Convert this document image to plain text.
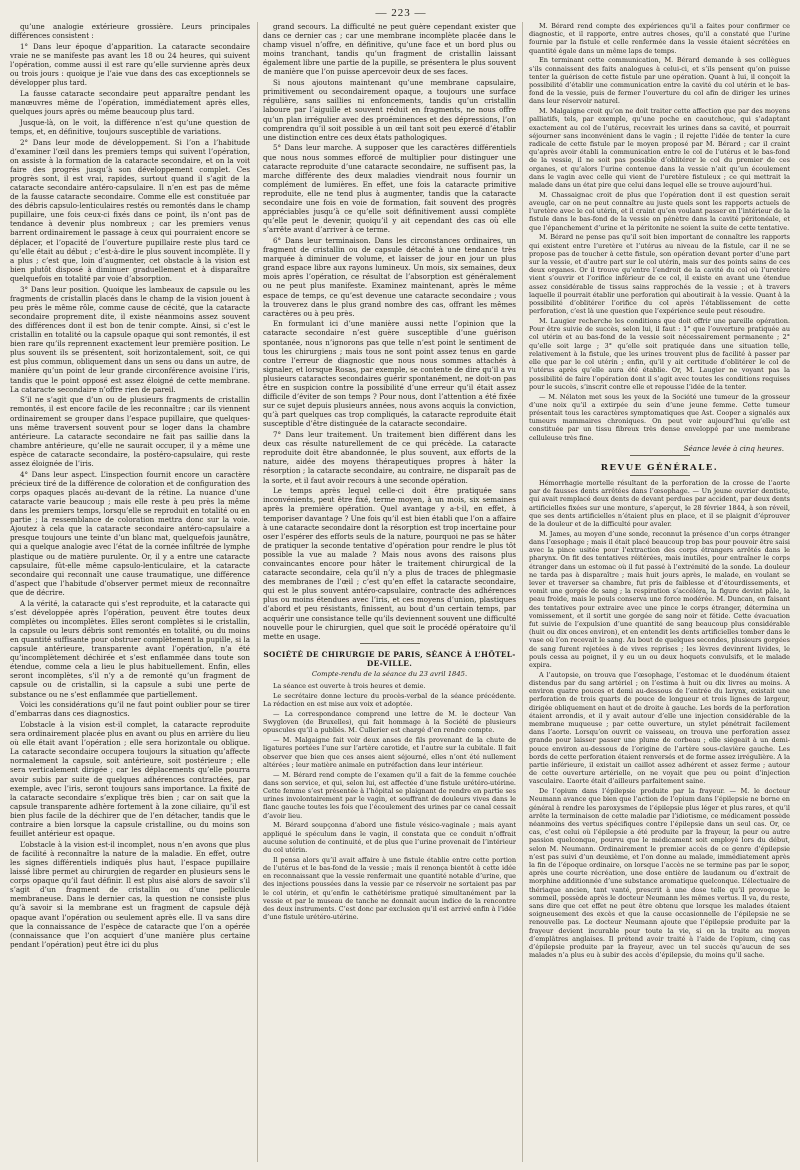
— 223 —

qu’une analogie extérieure grossière. Leurs principales différences consistent :

1° Dans leur époque d’apparition. La cataracte secondaire vraie ne se manifeste pas avant les 18 ou 24 heures, qui suivent l’opération, comme aussi il est rare qu’elle survienne après deux ou trois jours : quoique je l’aie vue dans des cas exceptionnels se développer plus tard.

La fausse cataracte secondaire peut apparaître pendant les manœuvres même de l’opération, immédiatement après elles, quelques jours après ou même beaucoup plus tard.

Jusque-là, on le voit, la différence n’est qu’une question de temps, et, en définitive, toujours susceptible de variations.

2° Dans leur mode de développement. Si l’on a l’habitude d’examiner l’œil dans les premiers temps qui suivent l’opération, on assiste à la formation de la cataracte secondaire, et on la voit faire des progrès jusqu’à son développement complet. Ces progrès sont, il est vrai, rapides, surtout quand il s’agit de la cataracte secondaire antéro-capsulaire. Il n’en est pas de même de la fausse cataracte secondaire. Comme elle est constituée par des débris capsulo-lenticulaires restés ou remontés dans le champ pupillaire, une fois ceux-ci fixés dans ce point, ils n’ont pas de tendance à devenir plus nombreux ; car les premiers venus barrent ordinairement le passage à ceux qui pourraient encore se déplacer, et l’opacité de l’ouverture pupillaire reste plus tard ce qu’elle était au début ; c’est-à-dire le plus souvent incomplète. Il y a plus ; c’est que, loin d’augmenter, cet obstacle à la vision est bien plutôt disposé à diminuer graduellement et à disparaître quelquefois en totalité par voie d’absorption.

3° Dans leur position. Quoique les lambeaux de capsule ou les fragments de cristallin placés dans le champ de la vision jouent à peu près le même rôle, comme cause de cécité, que la cataracte secondaire proprement dite, il existe néanmoins assez souvent des différences dont il est bon de tenir compte. Ainsi, si c’est le cristallin en totalité ou la capsule opaque qui sont remontés, il est bien rare qu’ils reprennent exactement leur première position. Le plus souvent ils se présentent, soit horizontalement, soit, ce qui est plus commun, obliquement dans un sens ou dans un autre, de manière qu’un point de leur grande circonférence avoisine l’iris, tandis que le point opposé est assez éloigné de cette membrane. La cataracte secondaire n’offre rien de pareil.

S’il ne s’agit que d’un ou de plusieurs fragments de cristallin remontés, il est encore facile de les reconnaître ; car ils viennent ordinairement se grouper dans l’espace pupillaire, que quelques-uns même traversent souvent pour se loger dans la chambre antérieure. La cataracte secondaire ne fait pas saillie dans la chambre antérieure, qu’elle ne saurait occuper, il y a même une espèce de cataracte secondaire, la postéro-capsulaire, qui reste assez éloignée de l’iris.

4° Dans leur aspect. L’inspection fournit encore un caractère précieux tiré de la différence de coloration et de configuration des corps opaques placés au-devant de la rétine. La nuance d’une cataracte varie beaucoup ; mais elle reste à peu près la même dans les premiers temps, lorsqu’elle se reproduit en totalité ou en partie ; la ressemblance de coloration mettra donc sur la voie. Ajoutez à cela que la cataracte secondaire antéro-capsulaire a presque toujours une teinte d’un blanc mat, quelquefois jaunâtre, qui a quelque analogie avec l’état de la cornée infiltrée de lymphe plastique ou de matière purulente. Or, il y a entre une cataracte capsulaire, fût-elle même capsulo-lenticulaire, et la cataracte secondaire qui reconnaît une cause traumatique, une différence d’aspect que l’habitude d’observer permet mieux de reconnaître que de décrire.

A la vérité, la cataracte qui s’est reproduite, et la cataracte qui s’est développée après l’opération, peuvent être toutes deux complètes ou incomplètes. Elles seront complètes si le cristallin, la capsule ou leurs débris sont remontés en totalité, ou du moins en quantité suffisante pour obstruer complètement la pupille, si la capsule antérieure, transparente avant l’opération, n’a été qu’incomplètement déchirée et s’est enflammée dans toute son étendue, comme cela a lieu le plus habituellement. Enfin, elles seront incomplètes, s’il n’y a de remonté qu’un fragment de capsule ou de cristallin, si la capsule a subi une perte de substance ou ne s’est enflammée que partiellement.

Voici les considérations qu’il ne faut point oublier pour se tirer d’embarras dans ces diagnostics.

L’obstacle à la vision est-il complet, la cataracte reproduite sera ordinairement placée plus en avant ou plus en arrière du lieu où elle était avant l’opération ; elle sera horizontale ou oblique. La cataracte secondaire occupera toujours la situation qu’affecte normalement la capsule, soit antérieure, soit postérieure ; elle sera verticalement dirigée ; car les déplacements qu’elle pourra avoir subis par suite de quelques adhérences contractées, par exemple, avec l’iris, seront toujours sans importance. La fixité de la cataracte secondaire s’explique très bien ; car on sait que la capsule transparente adhère fortement à la zone ciliaire, qu’il est bien plus facile de la déchirer que de l’en détacher, tandis que le contraire a bien lorsque la capsule cristalline, ou du moins son feuillet antérieur est opaque.

L’obstacle à la vision est-il incomplet, nous n’en avons que plus de facilité à reconnaître la nature de la maladie. En effet, outre les signes différentiels indiqués plus haut, l’espace pupillaire laissé libre permet au chirurgien de regarder en plusieurs sens le corps opaque qu’il faut définir. Il est plus aisé alors de savoir s’il s’agit d’un fragment de cristallin ou d’une pellicule membraneuse. Dans le dernier cas, la question ne consiste plus qu’à savoir si la membrane est un fragment de capsule déjà opaque avant l’opération ou seulement après elle. Il va sans dire que la connaissance de l’espèce de cataracte que l’on a opérée (connaissance que l’on acquiert d’une manière plus certaine pendant l’opération) peut être ici du plus

grand secours. La difficulté ne peut guère cependant exister que dans ce dernier cas ; car une membrane incomplète placée dans le champ visuel n’offre, en définitive, qu’une face et un bord plus ou moins tranchant, tandis qu’un fragment de cristallin laissant également libre une partie de la pupille, se présentera le plus souvent de manière que l’on puisse apercevoir deux de ses faces.

Si nous ajoutons maintenant qu’une membrane capsulaire, primitivement ou secondairement opaque, a toujours une surface régulière, sans saillies ni enfoncements, tandis qu’un cristallin laboure par l’aiguille et souvent réduit en fragments, ne nous offre qu’un plan irrégulier avec des proéminences et des dépressions, l’on comprendra qu’il soit possible à un œil tant soit peu exercé d’établir une distinction entre ces deux états pathologiques.

5° Dans leur marche. A supposer que les caractères différentiels que nous nous sommes efforcé de multiplier pour distinguer une cataracte reproduite d’une cataracte secondaire, ne suffisent pas, la marche différente des deux maladies viendrait nous fournir un complément de lumières. En effet, une fois la cataracte primitive reproduite, elle ne tend plus à augmenter, tandis que la cataracte secondaire une fois en voie de formation, fait souvent des progrès appréciables jusqu’à ce qu’elle soit définitivement aussi complète qu’elle peut le devenir, quoiqu’il y ait cependant des cas où elle s’arrête avant d’arriver à ce terme.

6° Dans leur terminaison. Dans les circonstances ordinaires, un fragment de cristallin ou de capsule détaché à une tendance très marquée à diminuer de volume, et laisser de jour en jour un plus grand espace libre aux rayons lumineux. Un mois, six semaines, deux mois après l’opération, ce résultat de l’absorption est généralement ou ne peut plus manifeste. Examinez maintenant, après le même espace de temps, ce qu’est devenue une cataracte secondaire ; vous la trouverez dans le plus grand nombre des cas, offrant les mêmes caractères ou à peu près.

En formulant ici d’une manière aussi nette l’opinion que la cataracte secondaire n’est guère susceptible d’une guérison spontanée, nous n’ignorons pas que telle n’est point le sentiment de tous les chirurgiens ; mais tous ne sont point assez tenus en garde contre l’erreur de diagnostic que nous nous sommes attachés à signaler, et lorsque Rosas, par exemple, se contente de dire qu’il a vu plusieurs cataractes secondaires guérir spontanément, ne doit-on pas être en suspicion contre la possibilité d’une erreur qu’il était assez difficile d’éviter de son temps ? Pour nous, dont l’attention a été fixée sur ce sujet depuis plusieurs années, nous avons acquis la conviction, qu’à part quelques cas trop compliqués, la cataracte reproduite était susceptible d’être distinguée de la cataracte secondaire.

7° Dans leur traitement. Un traitement bien différent dans les deux cas résulte naturellement de ce qui précède. La cataracte reproduite doit être abandonnée, le plus souvent, aux efforts de la nature, aidée des moyens thérapeutiques propres à hâter la résorption ; la cataracte secondaire, au contraire, ne disparaît pas de la sorte, et il faut avoir recours à une seconde opération.

Le temps après lequel celle-ci doit être pratiquée sans inconvénients, peut être fixé, terme moyen, à un mois, six semaines après la première opération. Quel avantage y a-t-il, en effet, à temporiser davantage ? Une fois qu’il est bien établi que l’on a affaire à une cataracte secondaire dont la résorption est trop incertaine pour oser l’espérer des efforts seuls de la nature, pourquoi ne pas se hâter de pratiquer la seconde tentative d’opération pour rendre le plus tôt possible la vue au malade ? Mais nous avons des raisons plus convaincantes encore pour hâter le traitement chirurgical de la cataracte secondaire, cela qu’il n’y a plus de traces de phlegmasie des membranes de l’œil ; c’est qu’en effet la cataracte secondaire, qui est le plus souvent antéro-capsulaire, contracte des adhérences plus ou moins étendues avec l’iris, et ces moyens d’union, plastiques d’abord et peu résistants, finissent, au bout d’un certain temps, par acquérir une consistance telle qu’ils deviennent souvent une difficulté nouvelle pour le chirurgien, quel que soit le procédé opératoire qu’il mette en usage.

SOCIÉTÉ DE CHIRURGIE DE PARIS, SÉANCE À L’HÔTEL-DE-VILLE.
Compte-rendu de la séance du 23 avril 1845.

La séance est ouverte à trois heures et demie.

Le secrétaire donne lecture du procès-verbal de la séance précédente. La rédaction en est mise aux voix et adoptée.

— La correspondance comprend une lettre de M. le docteur Van Swygloven (de Bruxelles), qui fait hommage à la Société de plusieurs opuscules qu’il a publiés. M. Cullerier est chargé d’en rendre compte.

— M. Malgaigne fait voir deux anses de fils provenant de la chute de ligatures portées l’une sur l’artère carotide, et l’autre sur la cubitale. Il fait observer que bien que ces anses aient séjourné, elles n’ont été nullement altérées ; leur matière animale en putréfaction dans leur intérieur.

— M. Bérard rend compte de l’examen qu’il a fait de la femme couchée dans son service, et qui, selon lui, est affectée d’une fistule urétéro-utérine. Cette femme s’est présentée à l’hôpital se plaignant de rendre en partie ses urines involontairement par le vagin, et souffrant de douleurs vives dans le flanc gauche toutes les fois que l’écoulement des urines par ce canal cessait d’avoir lieu.

M. Bérard soupçonna d’abord une fistule vésico-vaginale ; mais ayant appliqué le spéculum dans le vagin, il constata que ce conduit n’offrait aucune solution de continuité, et de plus que l’urine provenait de l’intérieur du col utérin.

Il pensa alors qu’il avait affaire à une fistule établie entre cette portion de l’utérus et le bas-fond de la vessie ; mais il renonça bientôt à cette idée en reconnaissant que la vessie renfermait une quantité notable d’urine, que des injections poussées dans la vessie par ce réservoir ne sortaient pas par le col utérin, et qu’enfin le cathétérisme pratiqué simultanément par la vessie et par le museau de tanche ne donnait aucun indice de la rencontre des deux instruments. C’est donc par exclusion qu’il est arrivé enfin à l’idée d’une fistule urétéro-utérine.

M. Bérard rend compte des expériences qu’il a faites pour confirmer ce diagnostic, et il rapporte, entre autres choses, qu’il a constaté que l’urine fournie par la fistule et celle renfermée dans la vessie étaient sécrétées en quantité égale dans un même laps de temps.

En terminant cette communication, M. Bérard demande à ses collègues s’ils connaissent des faits analogues à celui-ci, et s’ils pensent qu’on puisse tenter la guérison de cette fistule par une opération. Quant à lui, il conçoit la possibilité d’établir une communication entre la cavité du col utérin et le bas-fond de la vessie, puis de fermer l’ouverture du col afin de diriger les urines dans leur réservoir naturel.

M. Malgaigne croit qu’on ne doit traiter cette affection que par des moyens palliatifs, tels, par exemple, qu’une poche en caoutchouc, qui s’adaptant exactement au col de l’utérus, recevrait les urines dans sa cavité, et pourrait séjourner sans inconvénient dans le vagin ; il rejette l’idée de tenter la cure radicale de cette fistule par le moyen proposé par M. Bérard ; car il craint qu’après avoir établi la communication entre le col de l’utérus et le bas-fond de la vessie, il ne soit pas possible d’oblitérer le col du premier de ces organes, et qu’alors l’urine contenue dans la vessie n’ait qu’un écoulement dans le vagin avec celle qui vient de l’uretère fistuleux ; ce qui mettrait la malade dans un état pire que celui dans lequel elle se trouve aujourd’hui.

M. Chassaignac croit de plus que l’opération dont il est question serait aveugle, car on ne peut connaître au juste quels sont les rapports actuels de l’uretère avec le col utérin, et il craint qu’en voulant passer en l’intérieur de la fistule dans le bas-fond de la vessie on pénètre dans la cavité péritonéale, et que l’épanchement d’urine et la péritonite ne soient la suite de cette tentative.

M. Bérard ne pense pas qu’il soit bien important de connaître les rapports qui existent entre l’uretère et l’utérus au niveau de la fistule, car il ne se propose pas de toucher à cette fistule, son opération devant porter d’une part sur la vessie, et d’autre part sur le col utérin, mais sur des points sains de ces deux organes. Or il trouve qu’entre l’endroit de la cavité du col où l’uretère vient s’ouvrir et l’orifice inférieur de ce col, il existe en avant une étendue assez considérable de tissus sains rapprochés de la vessie ; et à travers laquelle il pourrait établir une perforation qui aboutirait à la vessie. Quant à la possibilité d’oblitérer l’orifice du col après l’établissement de cette perforation, c’est là une question que l’expérience seule peut résoudre.

M. Laugier recherche les conditions que doit offrir une pareille opération. Pour être suivie de succès, selon lui, il faut : 1° que l’ouverture pratiquée au col utérin et au bas-fond de la vessie soit nécessairement permanente ; 2° qu’elle soit large ; 3° qu’elle soit pratiquée dans une situation telle, relativement à la fistule, que les urines trouvent plus de facilité à passer par elle que par le col utérin ; enfin, qu’il y ait certitude d’oblitérer le col de l’utérus après qu’elle aura été établie. Or, M. Laugier ne voyant pas la possibilité de faire l’opération dont il s’agit avec toutes les conditions requises pour le succès, s’inscrit contre elle et repousse l’idée de la tenter.

— M. Nélaton met sous les yeux de la Société une tumeur de la grosseur d’une noix qu’il a extirpée du sein d’une jeune femme. Cette tumeur présentait tous les caractères symptomatiques que Ast. Cooper a signalés aux tumeurs mammaires chroniques. On peut voir aujourd’hui qu’elle est constituée par un tissu fibreux très dense enveloppé par une membrane celluleuse très fine.

Séance levée à cinq heures.
REVUE GÉNÉRALE.

Hémorrhagie mortelle résultant de la perforation de la crosse de l’aorte par de fausses dents arrêtées dans l’œsophage. — Un jeune ouvrier dentiste, qui avait remplacé deux dents de devant perdues par accident, par deux dents artificielles fixées sur une monture, s’aperçut, le 28 février 1844, à son réveil, que ses dents artificielles n’étaient plus en place, et il se plaignit d’éprouver de la douleur et de la difficulté pour avaler.

M. James, au moyen d’une sonde, reconnut la présence d’un corps étranger dans l’œsophage ; mais il était placé beaucoup trop bas pour pouvoir être saisi avec la pince usitée pour l’extraction des corps étrangers arrêtés dans le pharynx. On fit des tentatives réitérées, mais inutiles, pour entraîner le corps étranger dans un estomac où il fut passé à l’extrémité de la sonde. La douleur ne tarda pas à disparaître ; mais huit jours après, le malade, en voulant se lever et traverser sa chambre, fut pris de faiblesse et d’étourdissements, et vomit une gorgée de sang ; la respiration s’accéléra, la figure devint pâle, la peau froide, mais le pouls conserva une force modérée. M. Duncan, en faisant des tentatives pour extraire avec une pince le corps étranger, détermina un vomissement, et il sortit une gorgée de sang noir et fétide. Cette évacuation fut suivie de l’expulsion d’une quantité de sang beaucoup plus considérable (huit ou dix onces environ), et en entendit les dents artificielles tomber dans le vase où l’on recevait le sang. Au bout de quelques secondes, plusieurs gorgées de sang furent rejetées à de vives reprises ; les lèvres devinrent livides, le pouls cessa au poignet, il y eu un ou deux hoquets convulsifs, et le malade expira.

A l’autopsie, on trouva que l’œsophage, l’estomac et le duodénum étaient distendus par du sang artériel ; on l’estima à huit ou dix livres au moins. A environ quatre pouces et demi au-dessous de l’entrée du larynx, existait une perforation de trois quarts de pouce de longueur et trois lignes de largeur, dirigée obliquement en haut et de droite à gauche. Les bords de la perforation étaient arrondis, et il y avait autour d’elle une injection considérable de la membrane muqueuse ; par cette ouverture, un stylet pénétrait facilement dans l’aorte. Lorsqu’on ouvrit ce vaisseau, on trouva une perforation assez grande pour laisser passer une plume de corbeau ; elle siégeait à un demi-pouce environ au-dessous de l’origine de l’artère sous-clavière gauche. Les bords de cette perforation étaient renversés et de forme assez irrégulière. A la partie inférieure, il existait un caillot assez adhérent et assez ferme ; autour de cette ouverture artérielle, on ne voyait que peu ou point d’injection vasculaire. L’aorte était d’ailleurs parfaitement saine.

De l’opium dans l’épilepsie produite par la frayeur. — M. le docteur Neumann avance que bien que l’action de l’opium dans l’épilepsie ne borne en général à rendre les paroxysmes de l’épilepsie plus léger et plus rares, et qu’il arrête la terminaison de cette maladie par l’idiotisme, ce médicament possède néanmoins des vertus spécifiques contre l’épilepsie dans un seul cas. Or, ce cas, c’est celui où l’épilepsie a été produite par la frayeur, la peur ou autre passion quelconque, pourvu que le médicament soit employé lors du début, selon M. Neumann. Ordinairement le premier accès de ce genre d’épilepsie n’est pas suivi d’un deuxième, et l’on donne au malade, immédiatement après la fin de l’époque ordinaire, on lorsque l’accès ne se termine pas par le sopor, après une courte récréation, une dose entière de laudanum ou d’extrait de morphine additionnée d’une substance aromatique quelconque. L’électuaire de thériaque ancien, tant vanté, prescrit à une dose telle qu’il provoque le sommeil, possède après le docteur Neumann les mêmes vertus. Il va, du reste, sans dire que cet effet ne peut être obtenu que lorsque les malades étaient soigneusement des excès et que la cause occasionnelle de l’épilepsie ne se renouvelle pas. Le docteur Neumann ajoute que l’épilepsie produite par la frayeur devient incurable pour toute la vie, si on la traite au moyen d’emplâtres anglaises. Il prétend avoir traité à l’aide de l’opium, cinq cas d’épilepsie produite par la frayeur, avec un tel succès qu’aucun de ses malades n’a plus eu à subir des accès d’épilepsie, du moins qu’il sache.
